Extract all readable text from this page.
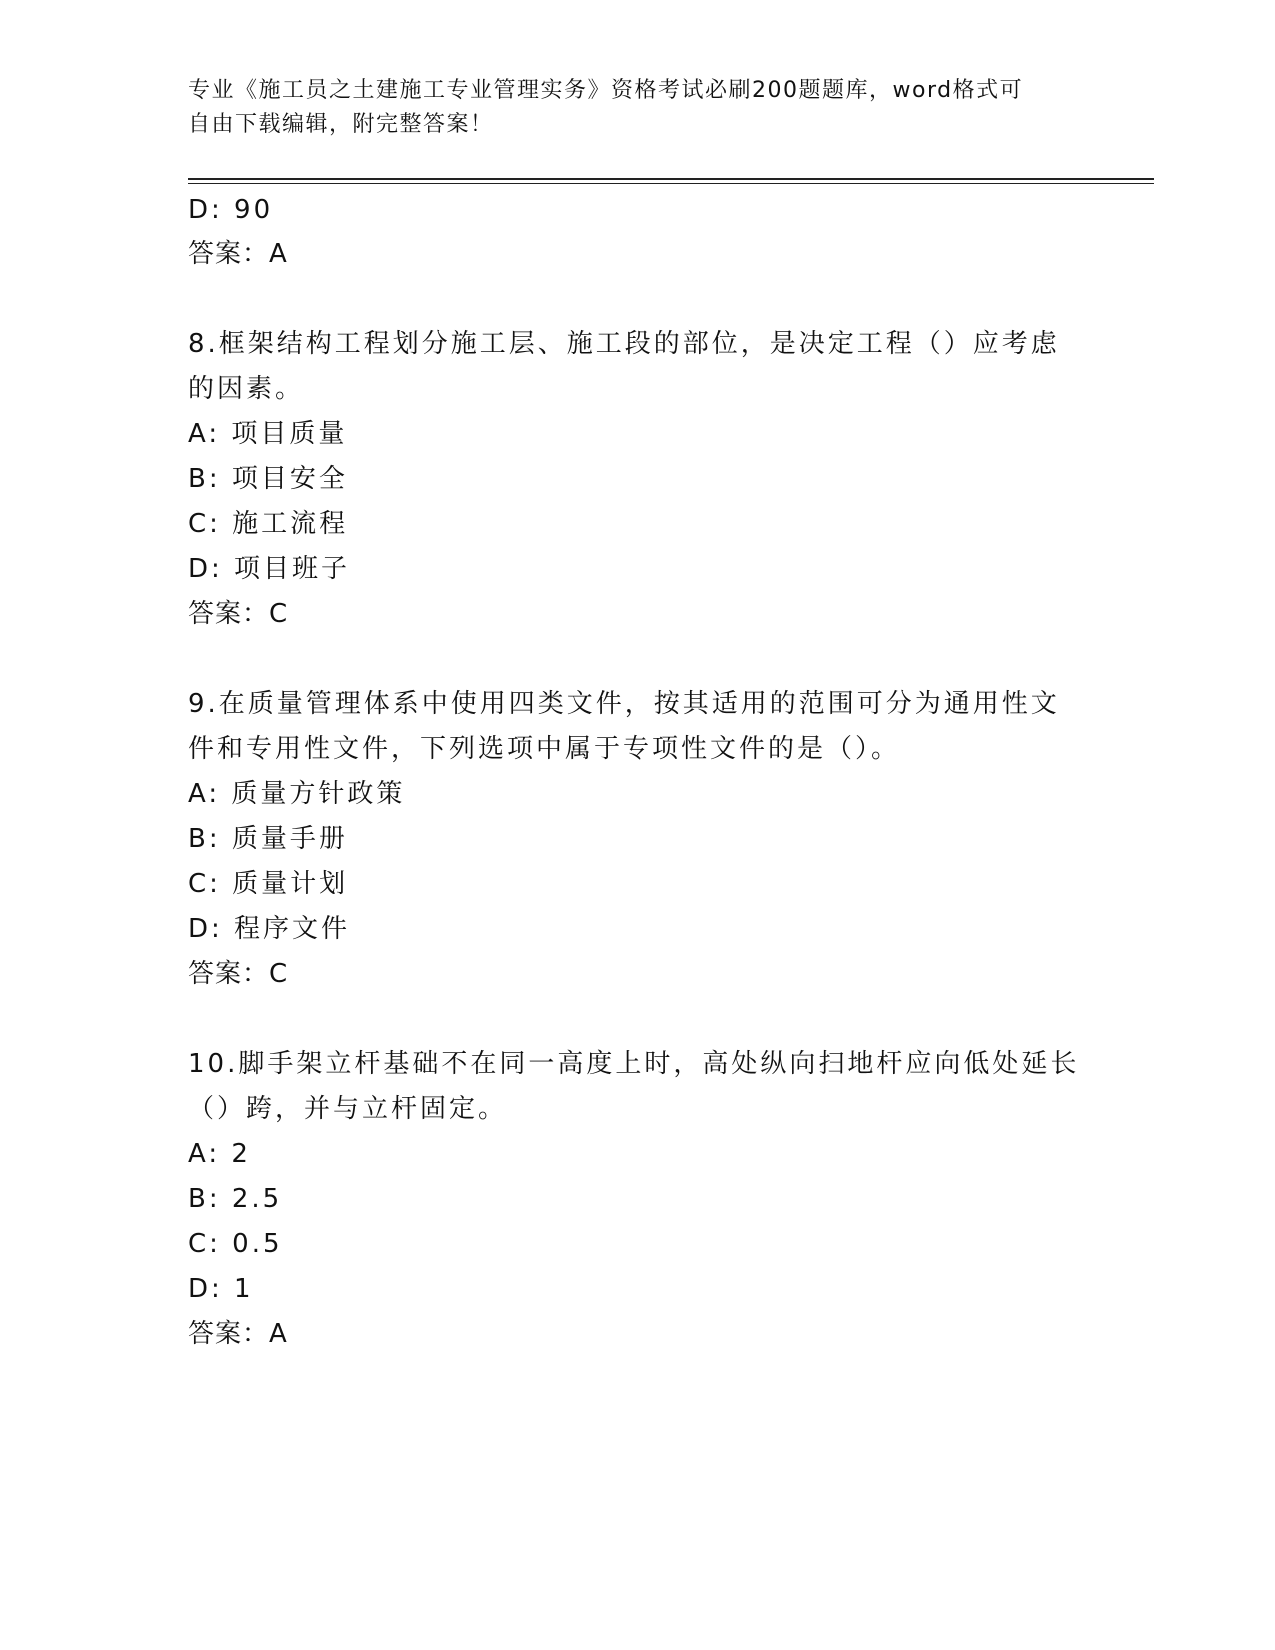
专业《施工员之土建施工专业管理实务》资格考试必刷200题题库，word格式可
自由下载编辑，附完整答案！
D: 90
答案：A
8.框架结构工程划分施工层、施工段的部位，是决定工程（）应考虑
的因素。
A: 项目质量
B: 项目安全
C: 施工流程
D: 项目班子
答案：C
9.在质量管理体系中使用四类文件，按其适用的范围可分为通用性文
件和专用性文件，下列选项中属于专项性文件的是（）。
A: 质量方针政策
B: 质量手册
C: 质量计划
D: 程序文件
答案：C
10.脚手架立杆基础不在同一高度上时，高处纵向扫地杆应向低处延长
（）跨，并与立杆固定。
A: 2
B: 2.5
C: 0.5
D: 1
答案：A
